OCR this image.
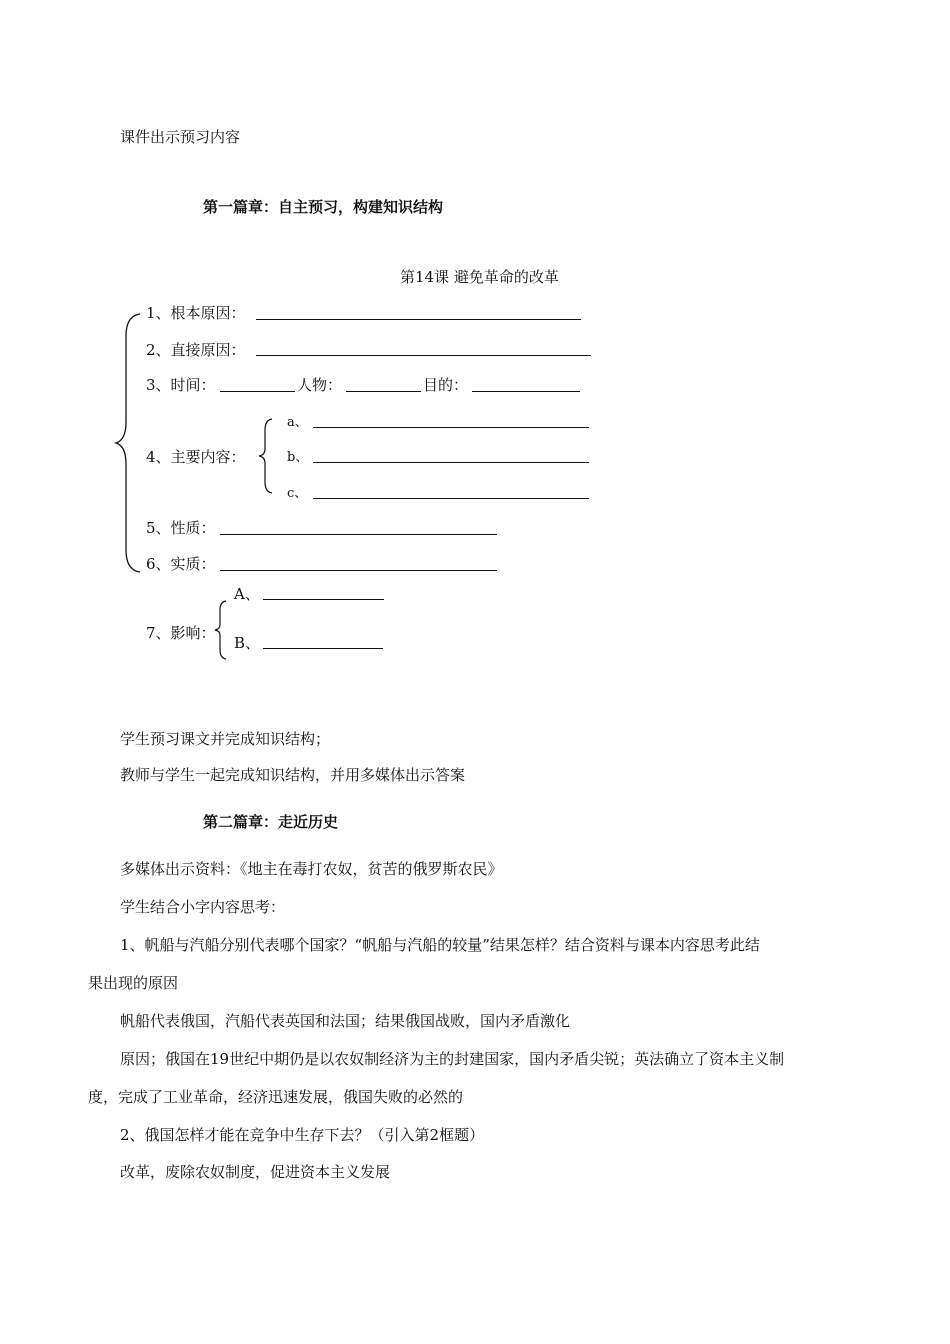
课件出示预习内容
第一篇章：自主预习，构建知识结构
第14课 避免革命的改革
1、根本原因：
2、直接原因：
3、时间：	人物：	目的：
4、主要内容：
a、
b、
c、
5、性质：
6、实质：
7、影响：
A、
B、
学生预习课文并完成知识结构；
教师与学生一起完成知识结构，并用多媒体出示答案
第二篇章：走近历史
多媒体出示资料：《地主在毒打农奴，贫苦的俄罗斯农民》
学生结合小字内容思考：
1、帆船与汽船分别代表哪个国家？“帆船与汽船的较量”结果怎样？结合资料与课本内容思考此结
果出现的原因
帆船代表俄国，汽船代表英国和法国；结果俄国战败，国内矛盾激化
原因；俄国在19世纪中期仍是以农奴制经济为主的封建国家，国内矛盾尖锐；英法确立了资本主义制
度，完成了工业革命，经济迅速发展，俄国失败的必然的
2、俄国怎样才能在竞争中生存下去？（引入第2框题）
改革，废除农奴制度，促进资本主义发展
